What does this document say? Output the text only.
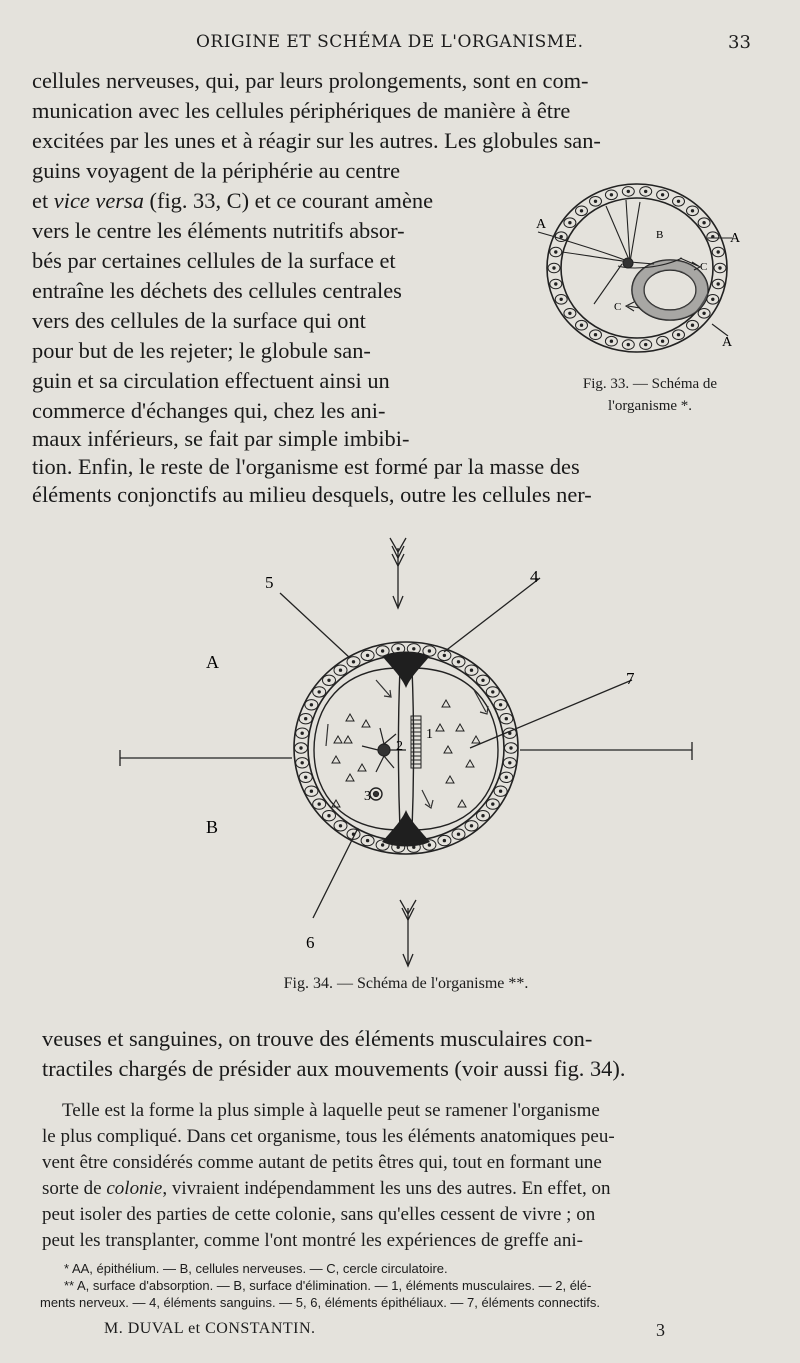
ORIGINE ET SCHÉMA DE L'ORGANISME.	33
cellules nerveuses, qui, par leurs prolongements, sont en com-
munication avec les cellules périphériques de manière à être
excitées par les unes et à réagir sur les autres. Les globules san-
guins voyagent de la périphérie au centre
et vice versa (fig. 33, C) et ce courant amène
vers le centre les éléments nutritifs absor-
bés par certaines cellules de la surface et
entraîne les déchets des cellules centrales
vers des cellules de la surface qui ont
pour but de les rejeter; le globule san-
guin et sa circulation effectuent ainsi un
commerce d'échanges qui, chez les ani-
maux inférieurs, se fait par simple imbibi-
tion. Enfin, le reste de l'organisme est formé par la masse des
éléments conjonctifs au milieu desquels, outre les cellules ner-
A
A
A
B
C
C
Fig. 33. — Schéma de
l'organisme *.
5	4
7
6
A
B
1
2
3
Fig. 34. — Schéma de l'organisme **.
veuses et sanguines, on trouve des éléments musculaires con-
tractiles chargés de présider aux mouvements (voir aussi fig. 34).
Telle est la forme la plus simple à laquelle peut se ramener l'organisme
le plus compliqué. Dans cet organisme, tous les éléments anatomiques peu-
vent être considérés comme autant de petits êtres qui, tout en formant une
sorte de colonie, vivraient indépendamment les uns des autres. En effet, on
peut isoler des parties de cette colonie, sans qu'elles cessent de vivre ; on
peut les transplanter, comme l'ont montré les expériences de greffe ani-
* AA, épithélium. — B, cellules nerveuses. — C, cercle circulatoire.
** A, surface d'absorption. — B, surface d'élimination. — 1, éléments musculaires. — 2, élé-
ments nerveux. — 4, éléments sanguins. — 5, 6, éléments épithéliaux. — 7, éléments connectifs.
M. DUVAL et CONSTANTIN.	3
